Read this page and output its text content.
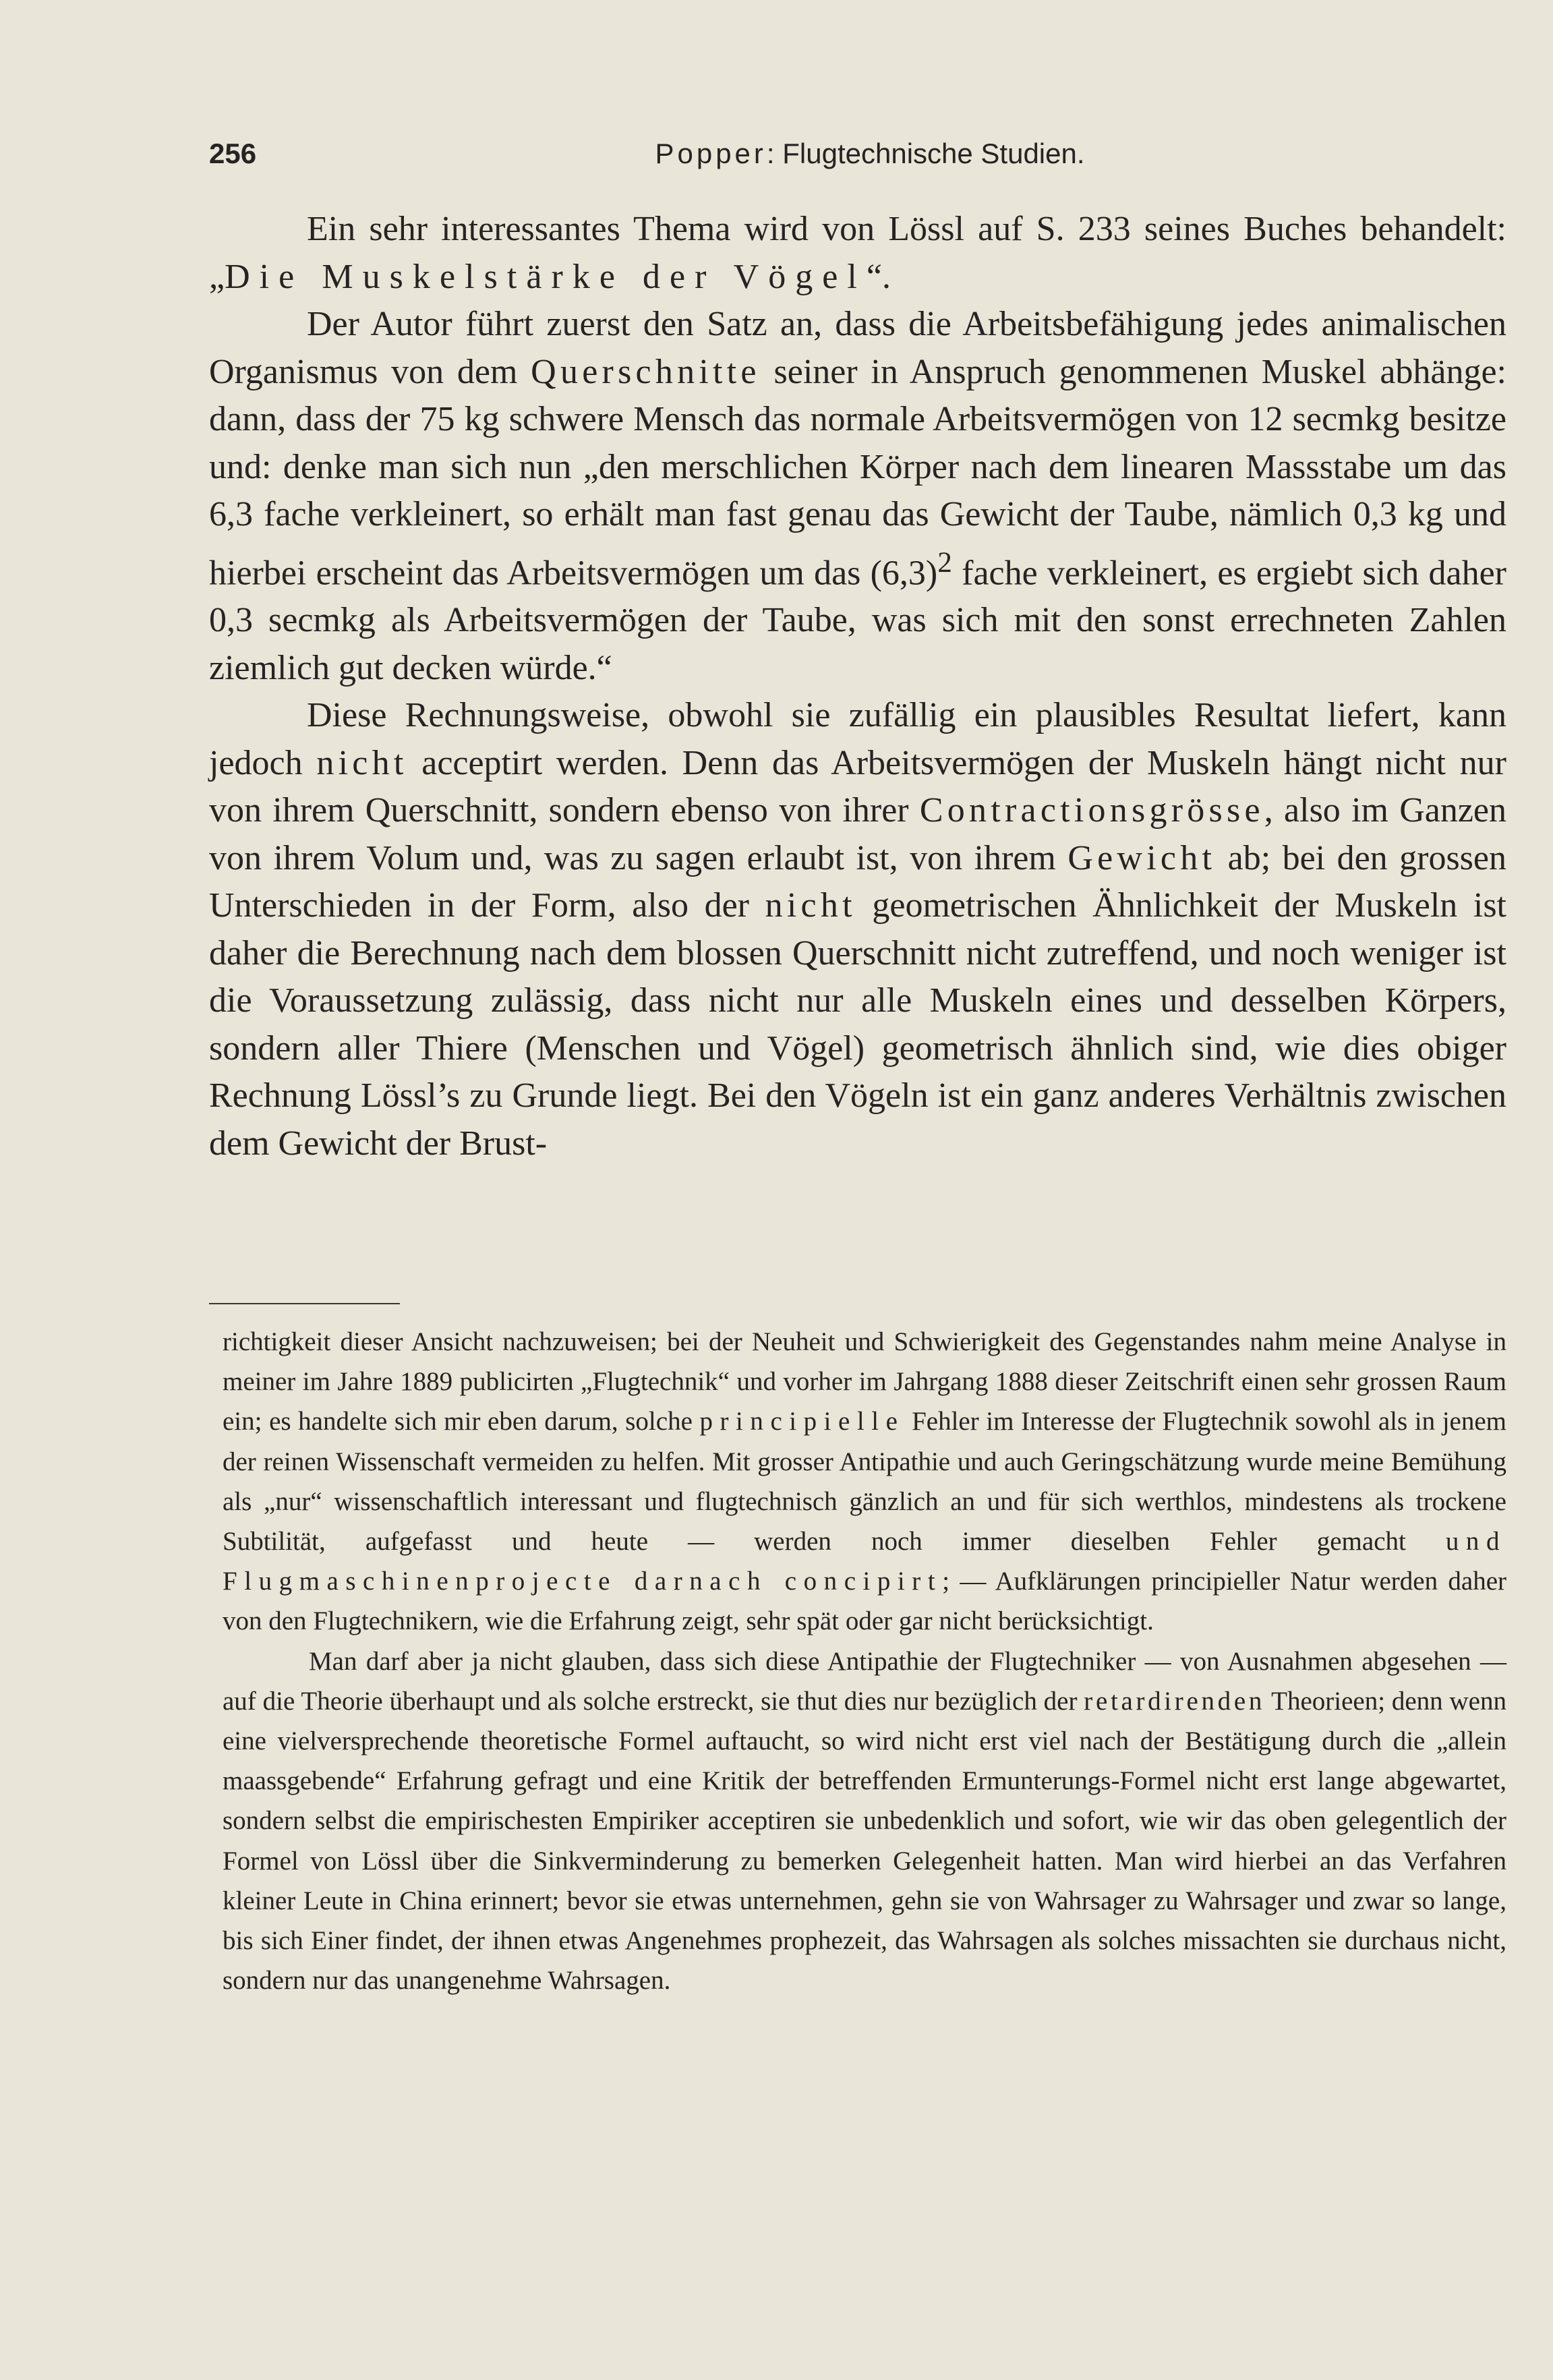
256	Popper: Flugtechnische Studien.

Ein sehr interessantes Thema wird von Lössl auf S. 233 seines Buches behandelt: „Die Muskelstärke der Vögel“.

Der Autor führt zuerst den Satz an, dass die Arbeitsbefähigung jedes animalischen Organismus von dem Querschnitte seiner in Anspruch genommenen Muskel abhänge: dann, dass der 75 kg schwere Mensch das normale Arbeitsvermögen von 12 secmkg besitze und: denke man sich nun „den merschlichen Körper nach dem linearen Massstabe um das 6,3 fache verkleinert, so erhält man fast genau das Gewicht der Taube, nämlich 0,3 kg und hierbei erscheint das Arbeitsvermögen um das $(6,3)^2$ fache verkleinert, es ergiebt sich daher 0,3 secmkg als Arbeitsvermögen der Taube, was sich mit den sonst errechneten Zahlen ziemlich gut decken würde.“

Diese Rechnungsweise, obwohl sie zufällig ein plausibles Resultat liefert, kann jedoch nicht acceptirt werden. Denn das Arbeitsvermögen der Muskeln hängt nicht nur von ihrem Querschnitt, sondern ebenso von ihrer Contractionsgrösse, also im Ganzen von ihrem Volum und, was zu sagen erlaubt ist, von ihrem Gewicht ab; bei den grossen Unterschieden in der Form, also der nicht geometrischen Ähnlichkeit der Muskeln ist daher die Berechnung nach dem blossen Querschnitt nicht zutreffend, und noch weniger ist die Voraussetzung zulässig, dass nicht nur alle Muskeln eines und desselben Körpers, sondern aller Thiere (Menschen und Vögel) geometrisch ähnlich sind, wie dies obiger Rechnung Lössl’s zu Grunde liegt. Bei den Vögeln ist ein ganz anderes Verhältnis zwischen dem Gewicht der Brust-

richtigkeit dieser Ansicht nachzuweisen; bei der Neuheit und Schwierigkeit des Gegenstandes nahm meine Analyse in meiner im Jahre 1889 publicirten „Flugtechnik“ und vorher im Jahrgang 1888 dieser Zeitschrift einen sehr grossen Raum ein; es handelte sich mir eben darum, solche principielle Fehler im Interesse der Flugtechnik sowohl als in jenem der reinen Wissenschaft vermeiden zu helfen. Mit grosser Antipathie und auch Geringschätzung wurde meine Bemühung als „nur“ wissenschaftlich interessant und flugtechnisch gänzlich an und für sich werthlos, mindestens als trockene Subtilität, aufgefasst und heute — werden noch immer dieselben Fehler gemacht und Flugmaschinenprojecte darnach concipirt; — Aufklärungen principieller Natur werden daher von den Flugtechnikern, wie die Erfahrung zeigt, sehr spät oder gar nicht berücksichtigt.

Man darf aber ja nicht glauben, dass sich diese Antipathie der Flugtechniker — von Ausnahmen abgesehen — auf die Theorie überhaupt und als solche erstreckt, sie thut dies nur bezüglich der retardirenden Theorieen; denn wenn eine vielversprechende theoretische Formel auftaucht, so wird nicht erst viel nach der Bestätigung durch die „allein maassgebende“ Erfahrung gefragt und eine Kritik der betreffenden Ermunterungs-Formel nicht erst lange abgewartet, sondern selbst die empirischesten Empiriker acceptiren sie unbedenklich und sofort, wie wir das oben gelegentlich der Formel von Lössl über die Sinkverminderung zu bemerken Gelegenheit hatten. Man wird hierbei an das Verfahren kleiner Leute in China erinnert; bevor sie etwas unternehmen, gehn sie von Wahrsager zu Wahrsager und zwar so lange, bis sich Einer findet, der ihnen etwas Angenehmes prophezeit, das Wahrsagen als solches missachten sie durchaus nicht, sondern nur das unangenehme Wahrsagen.
